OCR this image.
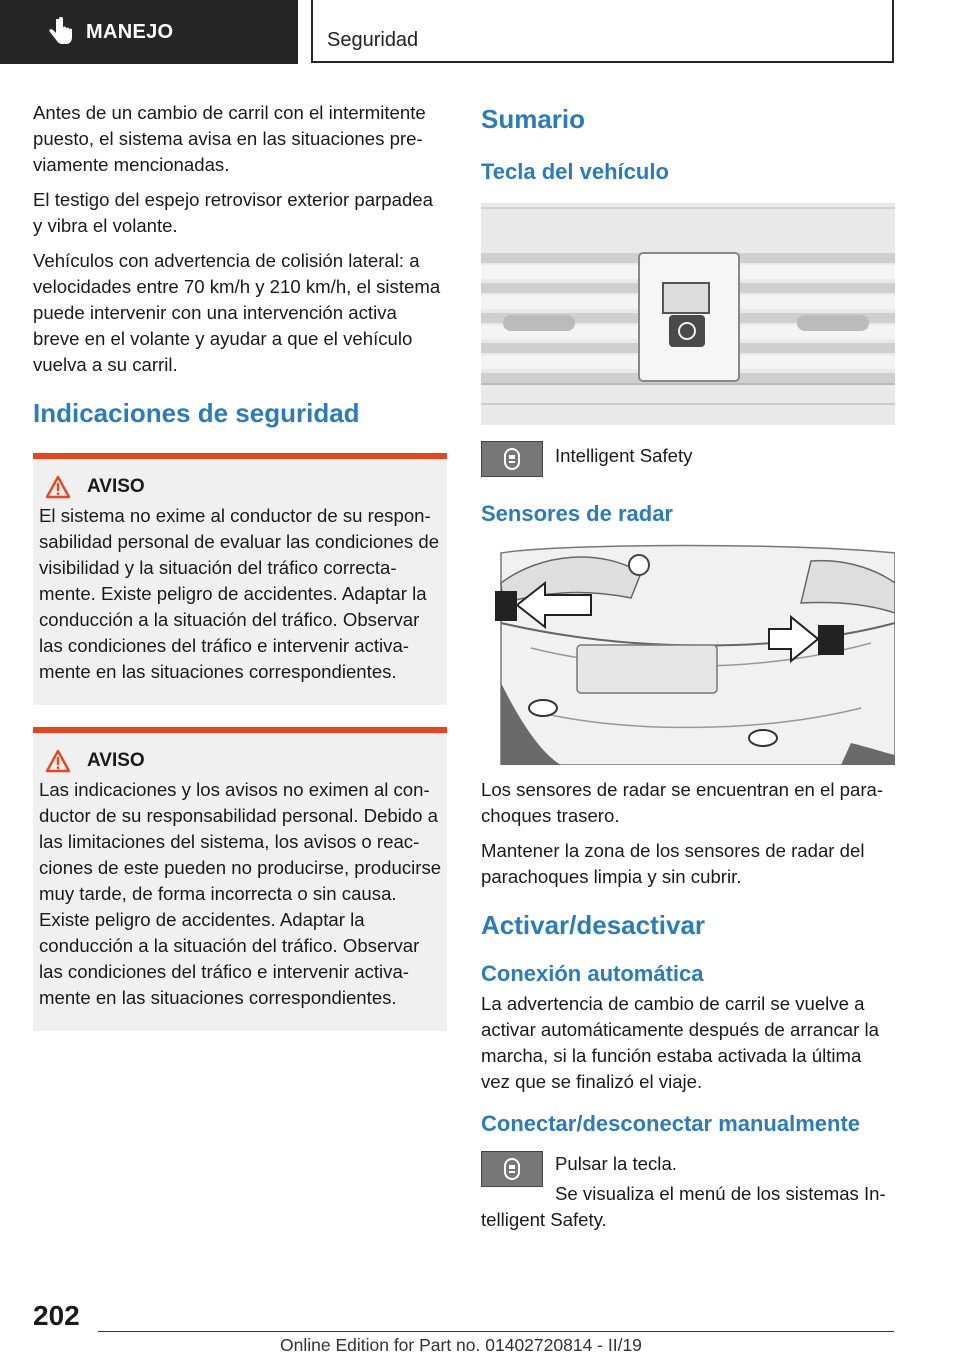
MANEJO	Seguridad

Antes de un cambio de carril con el intermitente puesto, el sistema avisa en las situaciones previamente mencionadas.

El testigo del espejo retrovisor exterior parpadea y vibra el volante.

Vehículos con advertencia de colisión lateral: a velocidades entre 70 km/h y 210 km/h, el sistema puede intervenir con una intervención activa breve en el volante y ayudar a que el vehículo vuelva a su carril.

Indicaciones de seguridad
AVISO

El sistema no exime al conductor de su responsabilidad personal de evaluar las condiciones de visibilidad y la situación del tráfico correctamente. Existe peligro de accidentes. Adaptar la conducción a la situación del tráfico. Observar las condiciones del tráfico e intervenir activamente en las situaciones correspondientes.

AVISO

Las indicaciones y los avisos no eximen al conductor de su responsabilidad personal. Debido a las limitaciones del sistema, los avisos o reacciones de este pueden no producirse, producirse muy tarde, de forma incorrecta o sin causa. Existe peligro de accidentes. Adaptar la conducción a la situación del tráfico. Observar las condiciones del tráfico e intervenir activamente en las situaciones correspondientes.

Sumario
Tecla del vehículo

Intelligent Safety

Sensores de radar

Los sensores de radar se encuentran en el parachoques trasero.

Mantener la zona de los sensores de radar del parachoques limpia y sin cubrir.

Activar/desactivar
Conexión automática

La advertencia de cambio de carril se vuelve a activar automáticamente después de arrancar la marcha, si la función estaba activada la última vez que se finalizó el viaje.

Conectar/desconectar manualmente

Pulsar la tecla.

Se visualiza el menú de los sistemas Intelligent Safety.

202
Online Edition for Part no. 01402720814 - II/19
